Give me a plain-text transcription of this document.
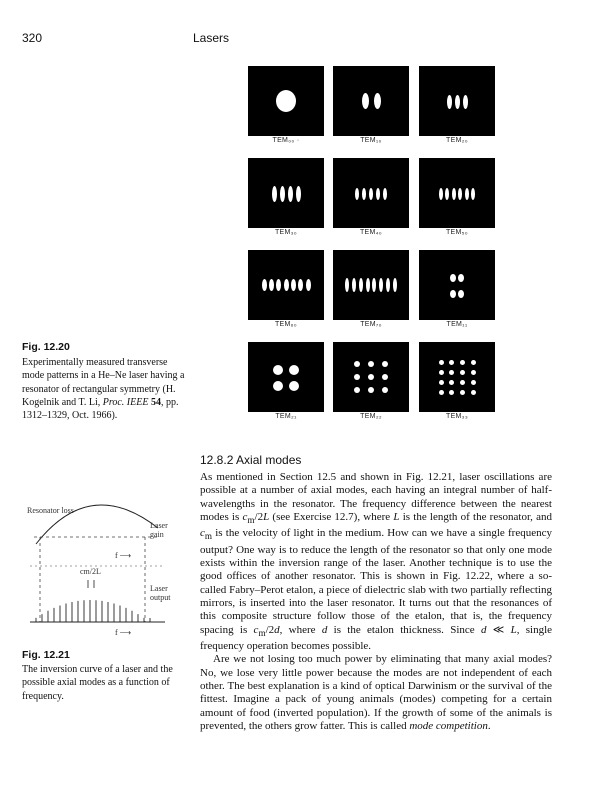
320	Lasers
TEM₀₀ ·	TEM₁₀	TEM₂₀
TEM₃₀	TEM₄₀	TEM₅₀
TEM₆₀	TEM₇₀	TEM₁₁
TEM₂₁	TEM₂₂	TEM₃₃
Fig. 12.20
Experimentally measured transverse mode patterns in a He–Ne laser having a resonator of rectangular symmetry (H. Kogelnik and T. Li, Proc. IEEE 54, pp. 1312–1329, Oct. 1966).
12.8.2 Axial modes
Resonator loss
Laser
gain
f ⟶
cm/2L
Laser
output
f ⟶
Fig. 12.21
The inversion curve of a laser and the possible axial modes as a function of frequency.

As mentioned in Section 12.5 and shown in Fig. 12.21, laser oscillations are possible at a number of axial modes, each having an integral number of half-wavelengths in the resonator. The frequency difference between the nearest modes is $c_m/2L$ (see Exercise 12.7), where L is the length of the resonator, and $c_m$ is the velocity of light in the medium. How can we have a single frequency output? One way is to reduce the length of the resonator so that only one mode exists within the inversion range of the laser. Another technique is to use the good offices of another resonator. This is shown in Fig. 12.22, where a so-called Fabry–Perot etalon, a piece of dielectric slab with two partially reflecting mirrors, is inserted into the laser resonator. It turns out that the resonances of this composite structure follow those of the etalon, that is, the frequency spacing is $c_m/2d$, where d is the etalon thickness. Since d ≪ L, single frequency operation becomes possible.

Are we not losing too much power by eliminating that many axial modes? No, we lose very little power because the modes are not independent of each other. The best explanation is a kind of optical Darwinism or the survival of the fittest. Imagine a pack of young animals (modes) competing for a certain amount of food (inverted population). If the growth of some of the animals is prevented, the others grow fatter. This is called mode competition.
